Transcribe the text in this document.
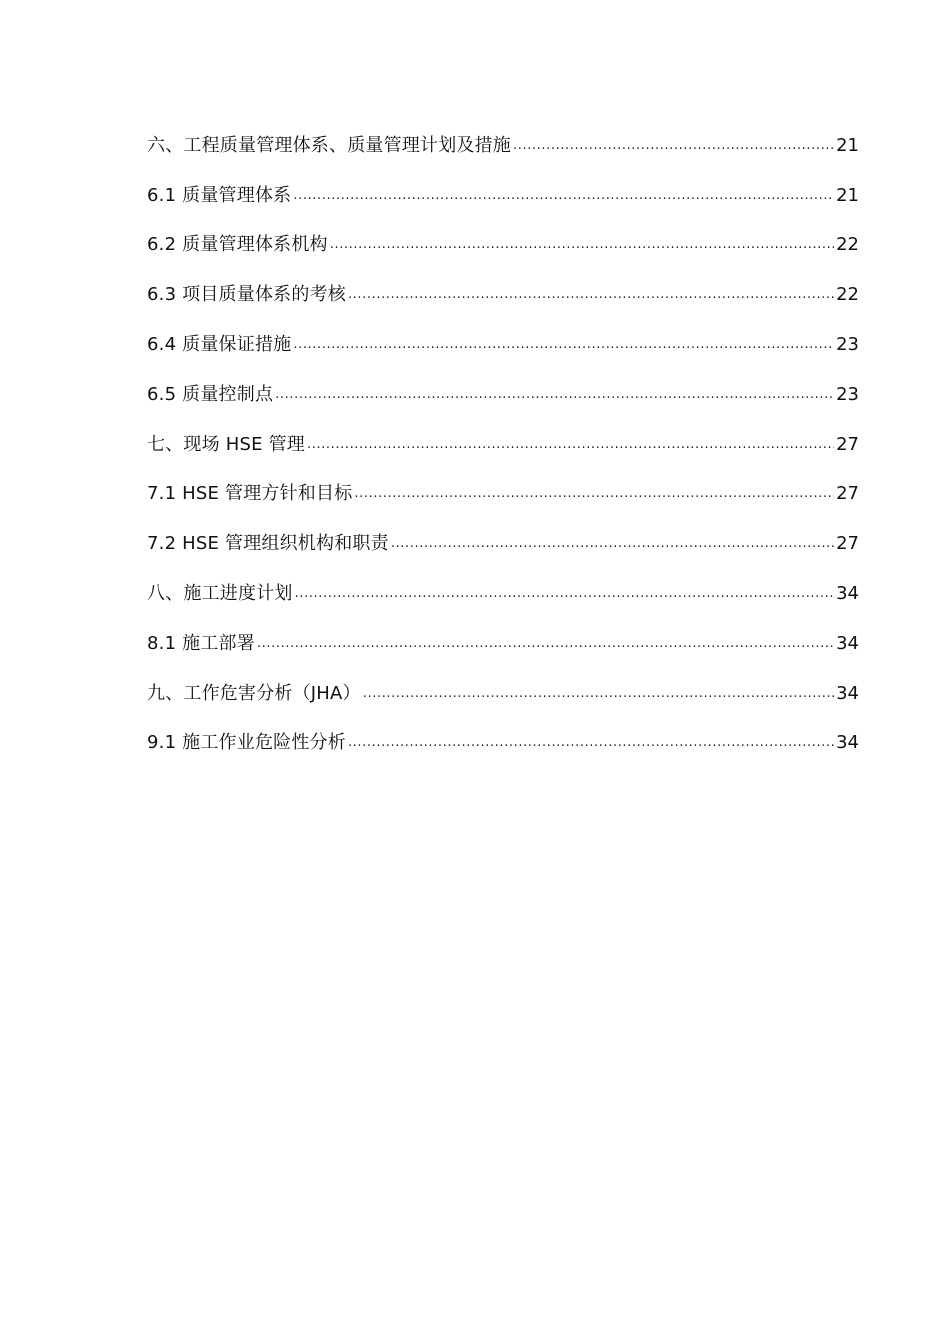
六、工程质量管理体系、质量管理计划及措施 .....	21
6.1 质量管理体系 .....	21
6.2 质量管理体系机构 .....	22
6.3 项目质量体系的考核 .....	22
6.4 质量保证措施 .....	23
6.5 质量控制点 .....	23
七、现场 HSE 管理 .....	27
7.1 HSE 管理方针和目标 .....	27
7.2 HSE 管理组织机构和职责 .....	27
八、施工进度计划 .....	34
8.1 施工部署 .....	34
九、工作危害分析（JHA） .....	34
9.1 施工作业危险性分析 .....	34
